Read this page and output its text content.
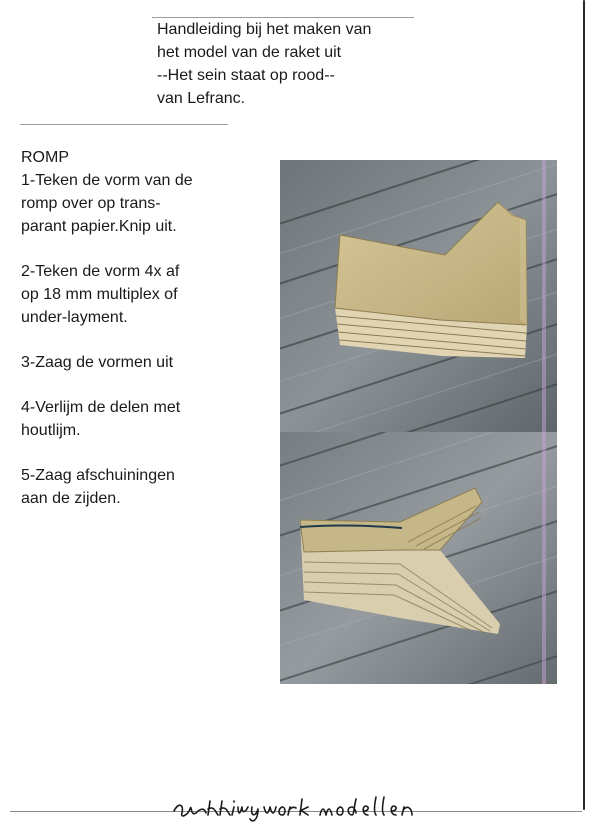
Handleiding bij het maken van
het model van de raket uit
--Het sein staat op rood--
van Lefranc.
ROMP
1-Teken de vorm van de
romp over op trans-
parant papier.Knip uit.
2-Teken de vorm 4x af
op 18 mm multiplex of
under-layment.
3-Zaag de vormen uit
4-Verlijm de delen met
houtlijm.
5-Zaag afschuiningen
aan de zijden.
